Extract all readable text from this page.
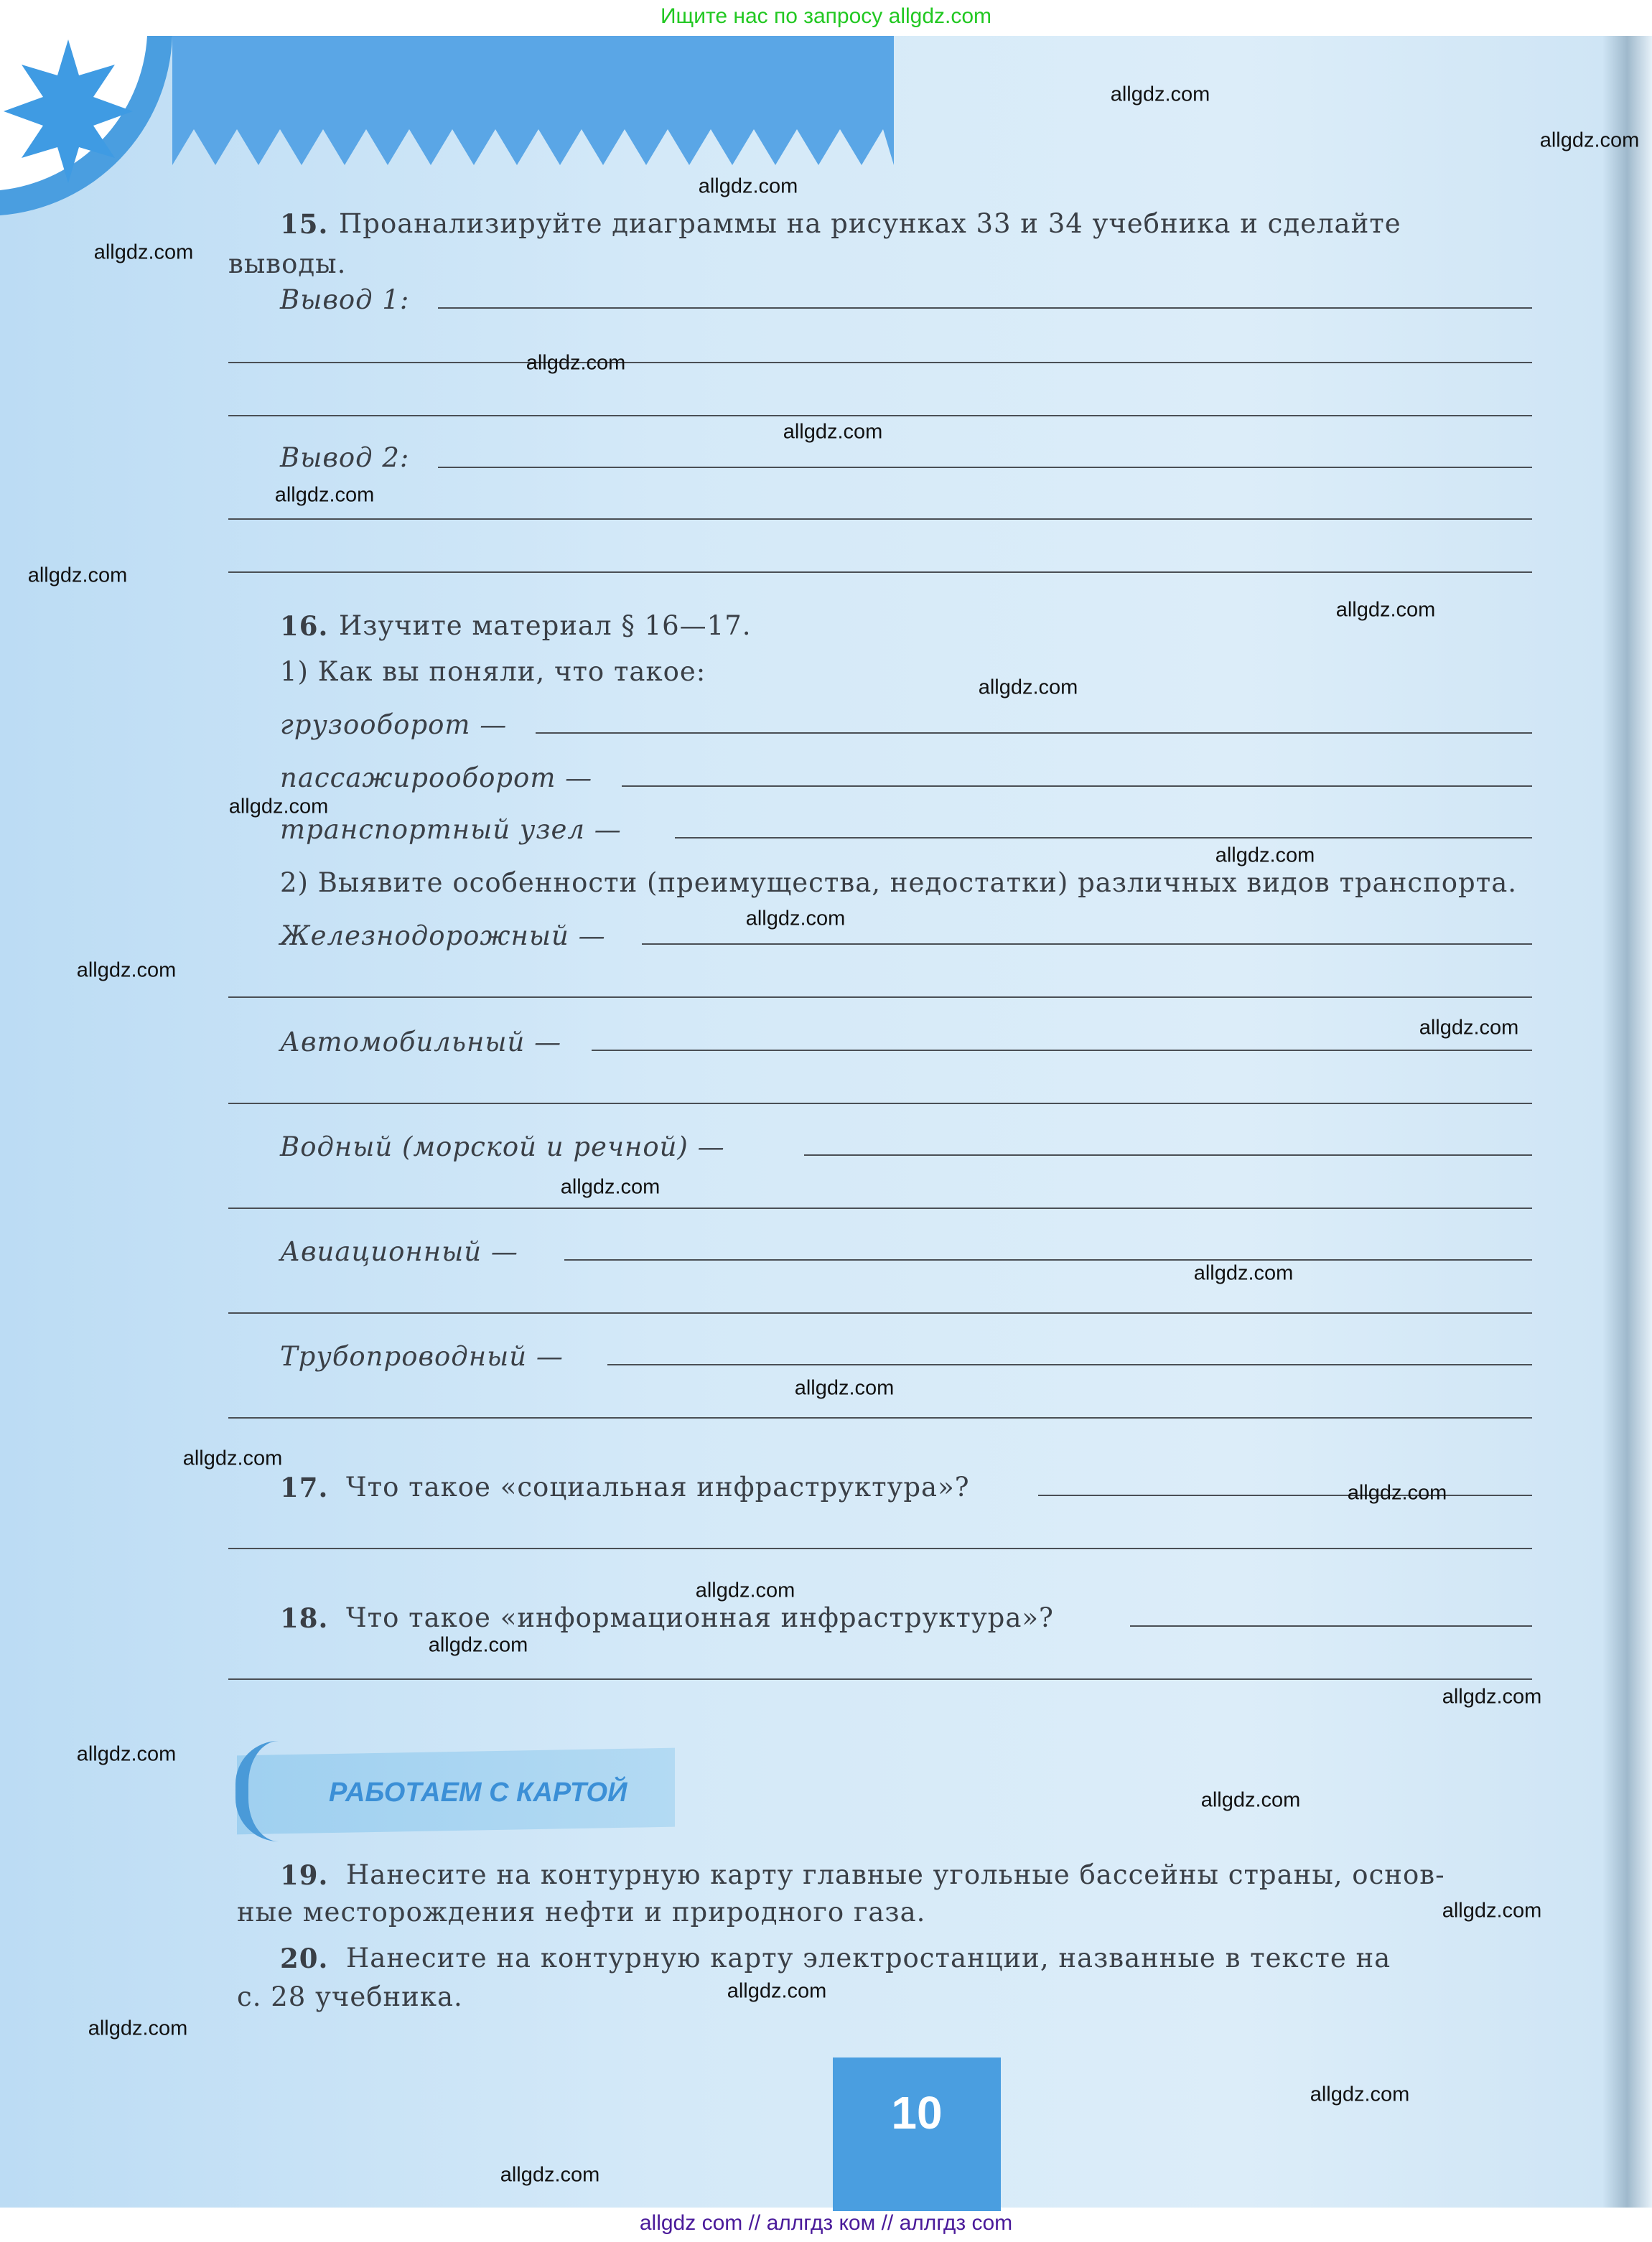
Ищите нас по запросу allgdz.com
15. Проанализируйте диаграммы на рисунках 33 и 34 учебника и сделайте
выводы.
Вывод 1:
Вывод 2:
16. Изучите материал § 16—17.
1) Как вы поняли, что такое:
грузооборот —
пассажирооборот —
транспортный узел —
2) Выявите особенности (преимущества, недостатки) различных видов транспорта.
Железнодорожный —
Автомобильный —
Водный (морской и речной) —
Авиационный —
Трубопроводный —
17. Что такое «социальная инфраструктура»?
18. Что такое «информационная инфраструктура»?
19. Нанесите на контурную карту главные угольные бассейны страны, основ-
ные месторождения нефти и природного газа.
20. Нанесите на контурную карту электростанции, названные в тексте на
с. 28 учебника.
РАБОТАЕМ С КАРТОЙ
10
allgdz com // аллгдз ком // аллгдз com
allgdz.com
allgdz.com
allgdz.com
allgdz.com
allgdz.com
allgdz.com
allgdz.com
allgdz.com
allgdz.com
allgdz.com
allgdz.com
allgdz.com
allgdz.com
allgdz.com
allgdz.com
allgdz.com
allgdz.com
allgdz.com
allgdz.com
allgdz.com
allgdz.com
allgdz.com
allgdz.com
allgdz.com
allgdz.com
allgdz.com
allgdz.com
allgdz.com
allgdz.com
allgdz.com
